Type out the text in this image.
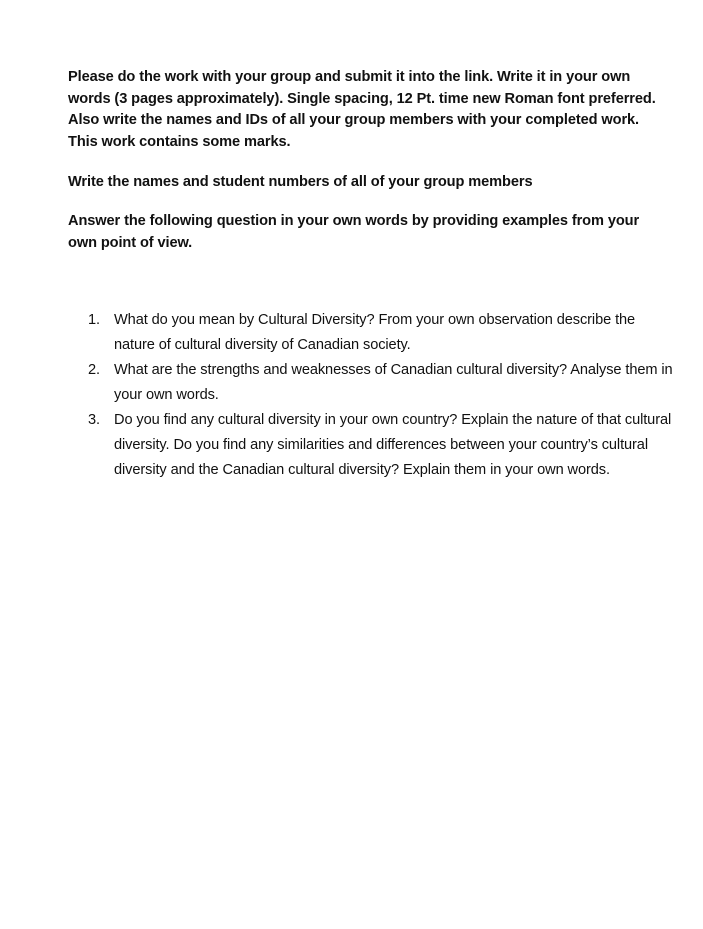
Please do the work with your group and submit it into the link. Write it in your own words (3 pages approximately). Single spacing, 12 Pt. time new Roman font preferred. Also write the names and IDs of all your group members with your completed work. This work contains some marks.

Write the names and student numbers of all of your group members

Answer the following question in your own words by providing examples from your own point of view.

1. What do you mean by Cultural Diversity? From your own observation describe the nature of cultural diversity of Canadian society.
2. What are the strengths and weaknesses of Canadian cultural diversity? Analyse them in your own words.
3. Do you find any cultural diversity in your own country? Explain the nature of that cultural diversity. Do you find any similarities and differences between your country’s cultural diversity and the Canadian cultural diversity? Explain them in your own words.
